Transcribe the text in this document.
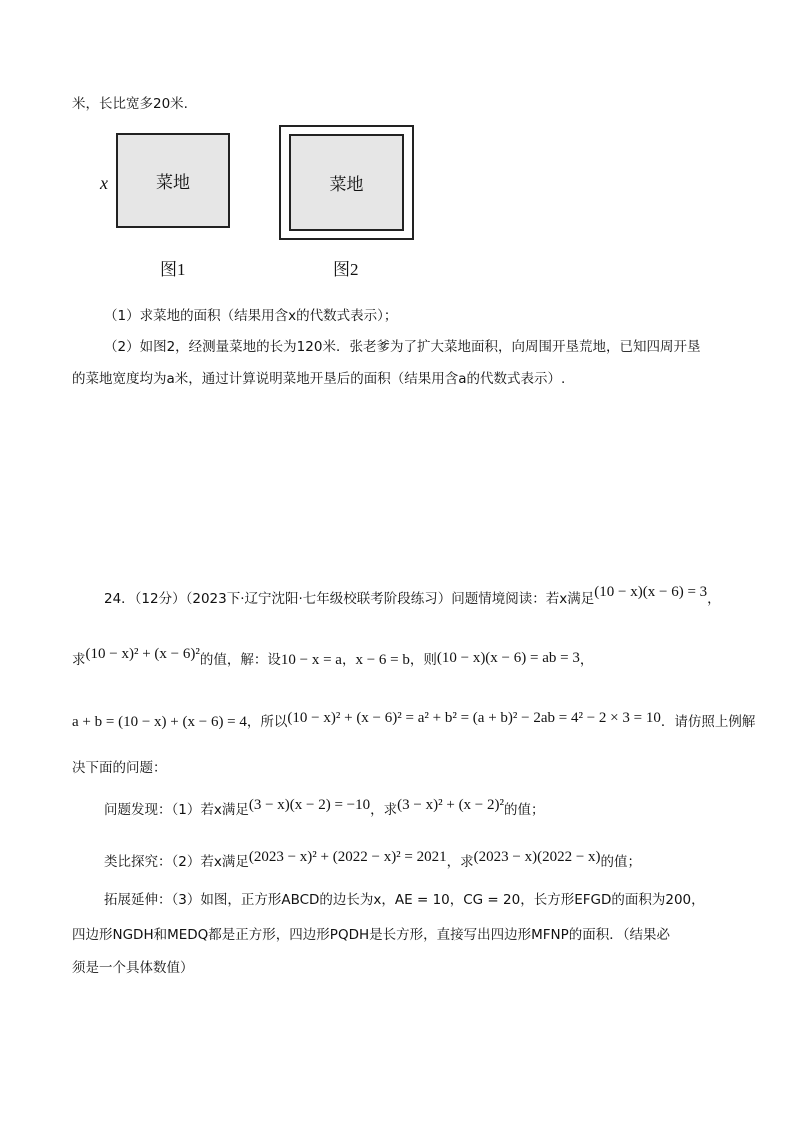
米，长比宽多20米.
x	菜地
图1
菜地
图2
（1）求菜地的面积（结果用含x的代数式表示）；
（2）如图2，经测量菜地的长为120米．张老爹为了扩大菜地面积，向周围开垦荒地，已知四周开垦
的菜地宽度均为a米，通过计算说明菜地开垦后的面积（结果用含a的代数式表示）.
24．（12分）（2023下·辽宁沈阳·七年级校联考阶段练习）问题情境阅读：若x满足(10 − x)(x − 6) = 3，
求(10 − x)² + (x − 6)²的值，解：设10 − x = a，x − 6 = b，则(10 − x)(x − 6) = ab = 3，
a + b = (10 − x) + (x − 6) = 4，所以(10 − x)² + (x − 6)² = a² + b² = (a + b)² − 2ab = 4² − 2 × 3 = 10．请仿照上例解
决下面的问题：
问题发现：（1）若x满足(3 − x)(x − 2) = −10，求(3 − x)² + (x − 2)²的值；
类比探究：（2）若x满足(2023 − x)² + (2022 − x)² = 2021，求(2023 − x)(2022 − x)的值；
拓展延伸：（3）如图，正方形ABCD的边长为x，AE = 10，CG = 20，长方形EFGD的面积为200，
四边形NGDH和MEDQ都是正方形，四边形PQDH是长方形，直接写出四边形MFNP的面积．（结果必
须是一个具体数值）
